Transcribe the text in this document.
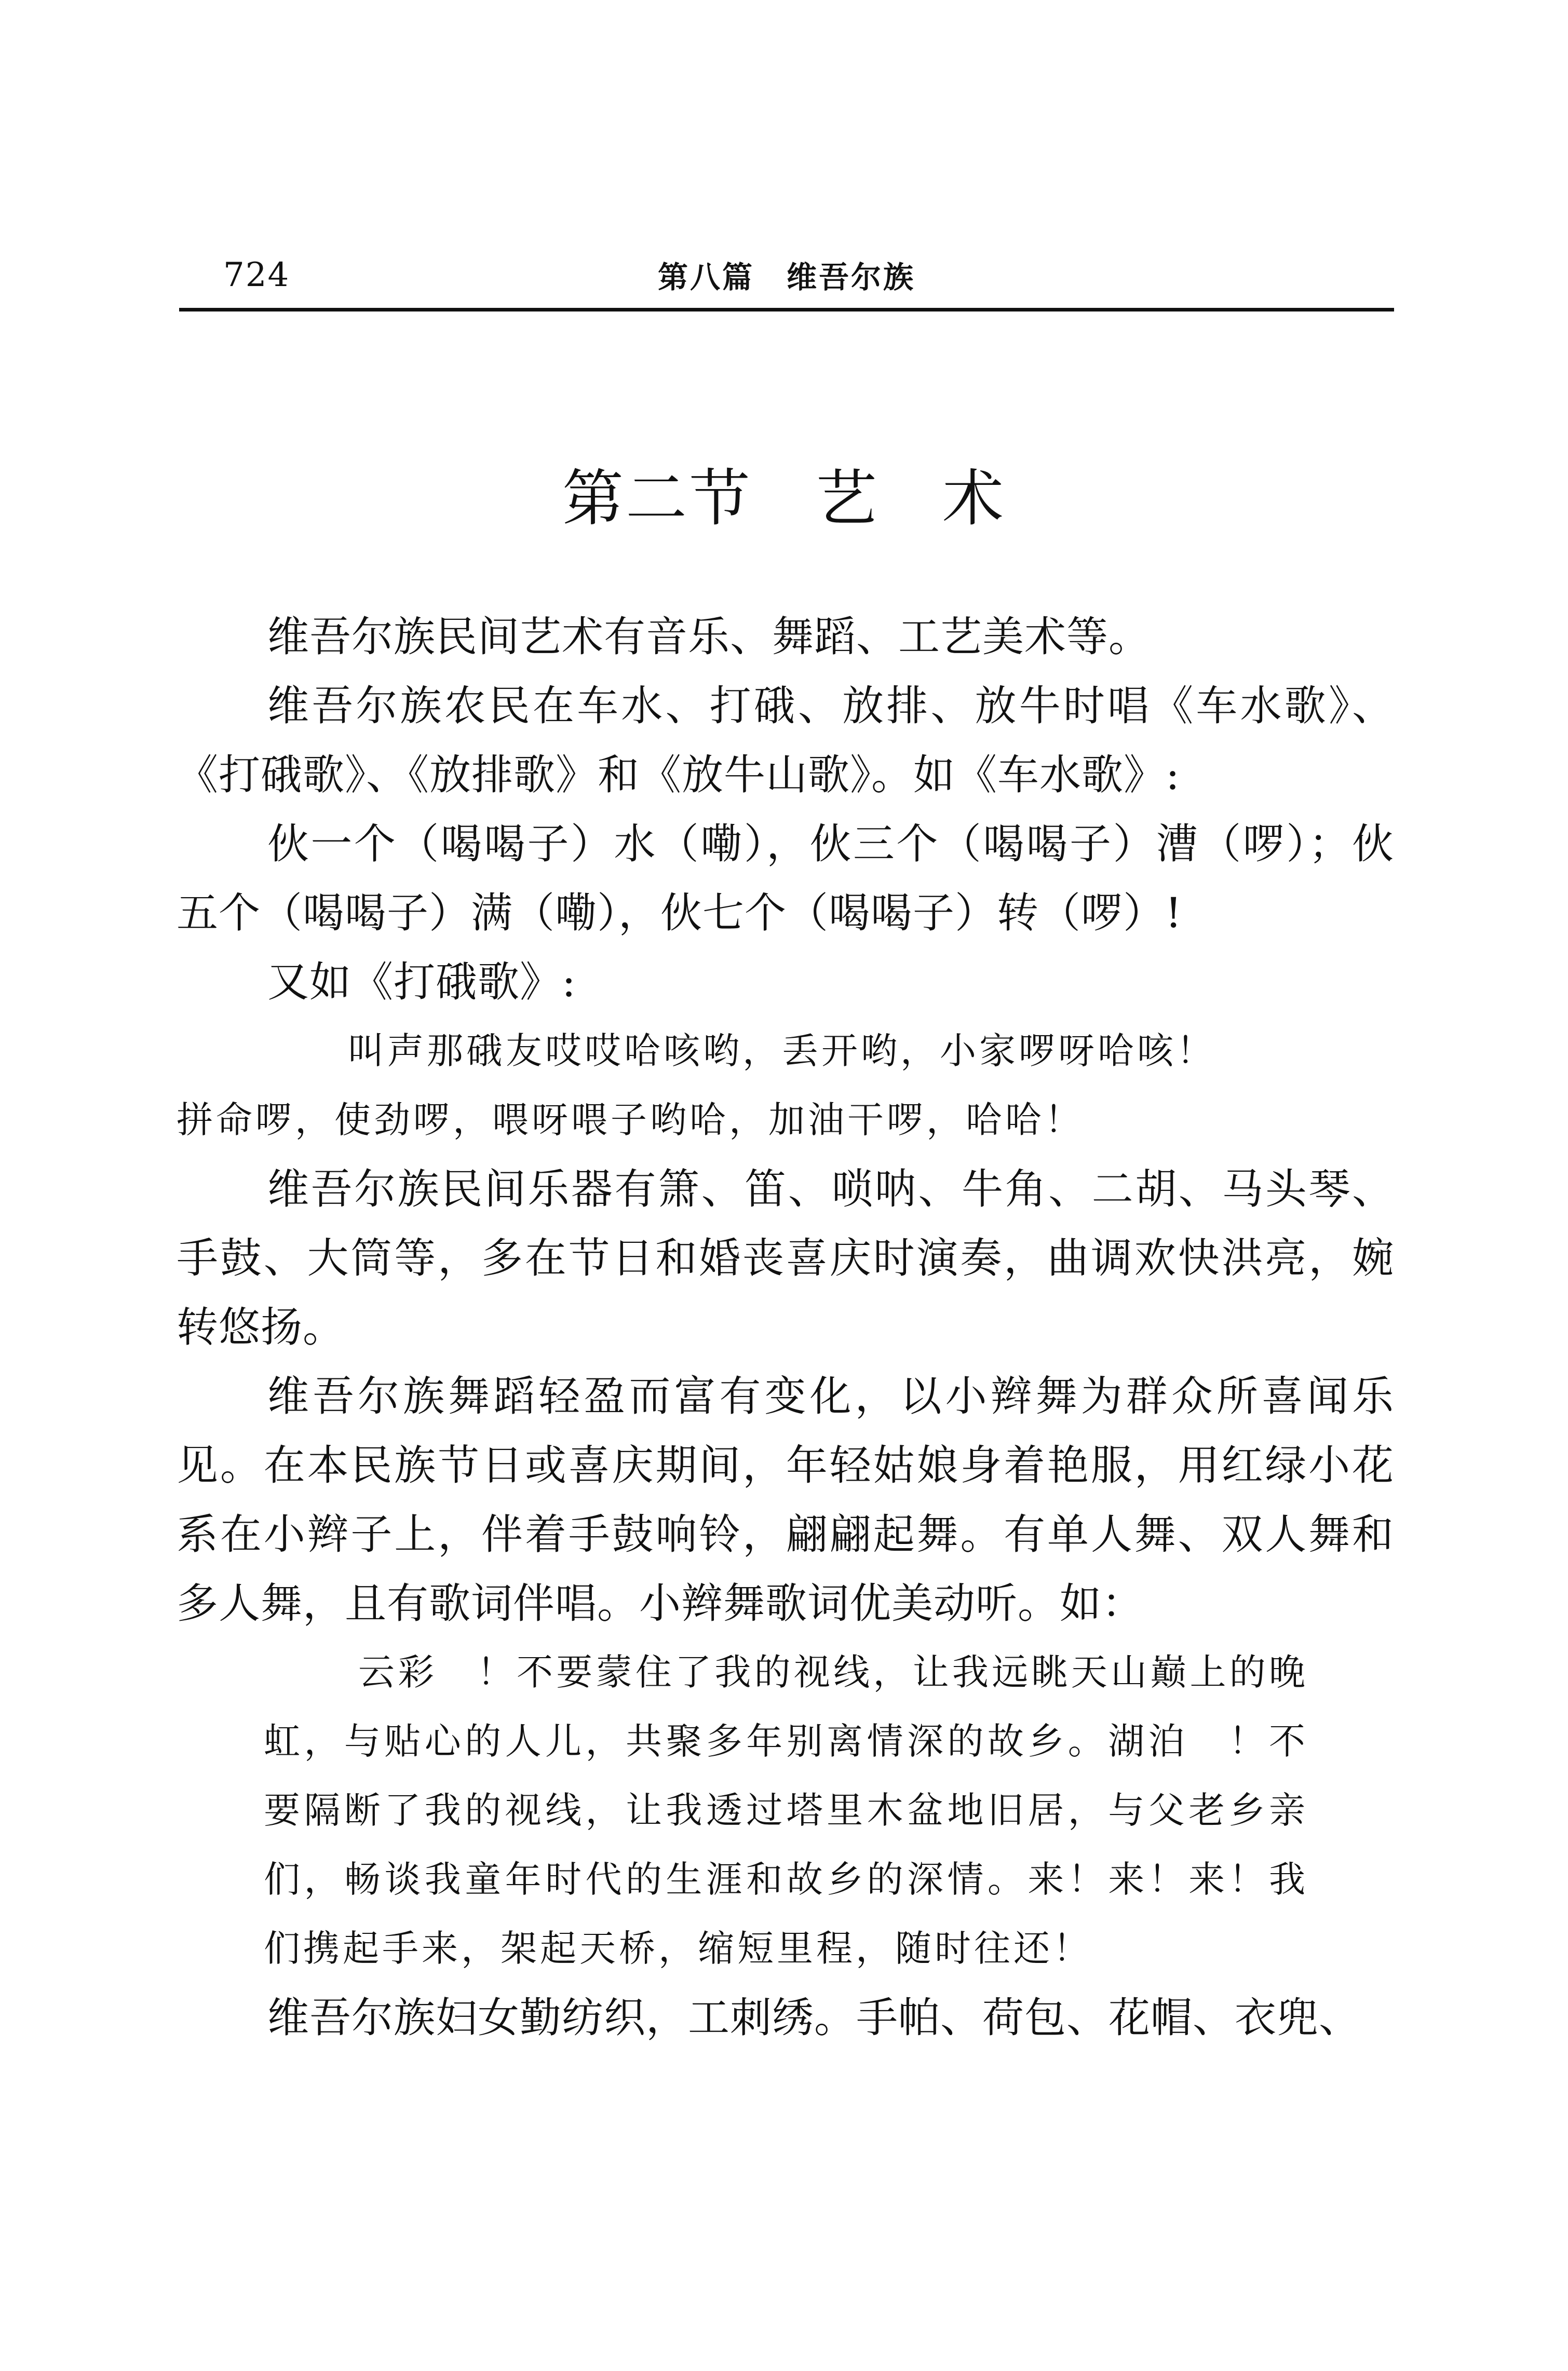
724	第八篇　维吾尔族
第二节　艺　术

维吾尔族民间艺术有音乐、舞蹈、工艺美术等。

维吾尔族农民在车水、打硪、放排、放牛时唱《车水歌》、《打硪歌》、《放排歌》和《放牛山歌》。如《车水歌》:

伙一个（喝喝子）水（嘞），伙三个（喝喝子）漕（啰）；伙五个（喝喝子）满（嘞），伙七个（喝喝子）转（啰）!

又如《打硪歌》:

叫声那硪友哎哎哈咳哟，丢开哟，小家啰呀哈咳！

拼命啰，使劲啰，喂呀喂子哟哈，加油干啰，哈哈！

维吾尔族民间乐器有箫、笛、唢呐、牛角、二胡、马头琴、手鼓、大筒等，多在节日和婚丧喜庆时演奏，曲调欢快洪亮，婉转悠扬。

维吾尔族舞蹈轻盈而富有变化，以小辫舞为群众所喜闻乐见。在本民族节日或喜庆期间，年轻姑娘身着艳服，用红绿小花系在小辫子上，伴着手鼓响铃，翩翩起舞。有单人舞、双人舞和多人舞，且有歌词伴唱。小辫舞歌词优美动听。如：

云彩　！不要蒙住了我的视线，让我远眺天山巅上的晚虹，与贴心的人儿，共聚多年别离情深的故乡。湖泊　！不要隔断了我的视线，让我透过塔里木盆地旧居，与父老乡亲们，畅谈我童年时代的生涯和故乡的深情。来！来！来！我们携起手来，架起天桥，缩短里程，随时往还！

维吾尔族妇女勤纺织，工刺绣。手帕、荷包、花帽、衣兜、
